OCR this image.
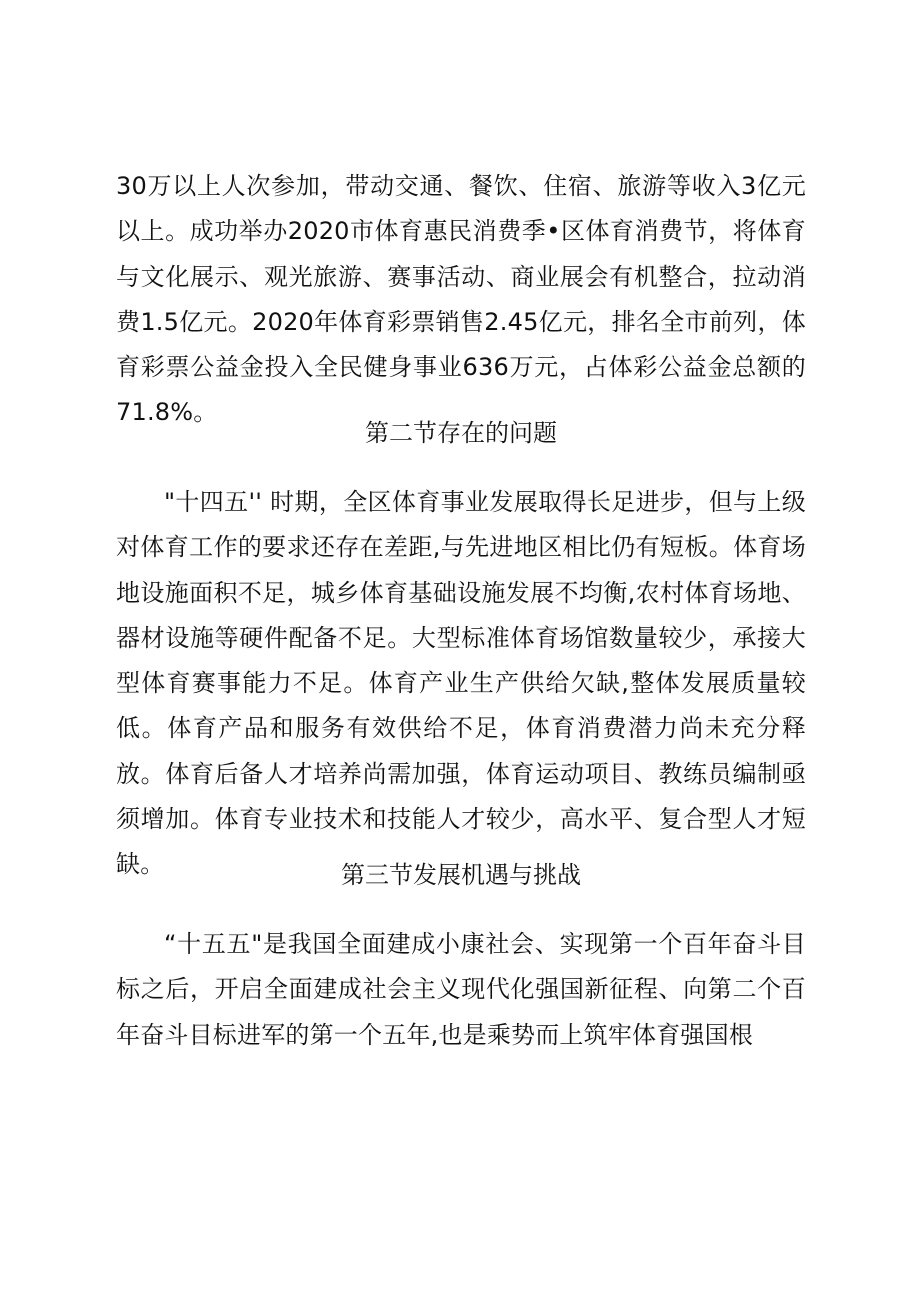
30万以上人次参加，带动交通、餐饮、住宿、旅游等收入3亿元以上。成功举办2020市体育惠民消费季•区体育消费节，将体育与文化展示、观光旅游、赛事活动、商业展会有机整合，拉动消费1.5亿元。2020年体育彩票销售2.45亿元，排名全市前列，体育彩票公益金投入全民健身事业636万元，占体彩公益金总额的71.8%。

第二节存在的问题

"十四五'' 时期，全区体育事业发展取得长足进步，但与上级对体育工作的要求还存在差距,与先进地区相比仍有短板。体育场地设施面积不足，城乡体育基础设施发展不均衡,农村体育场地、器材设施等硬件配备不足。大型标准体育场馆数量较少，承接大型体育赛事能力不足。体育产业生产供给欠缺,整体发展质量较低。体育产品和服务有效供给不足，体育消费潜力尚未充分释放。体育后备人才培养尚需加强，体育运动项目、教练员编制亟须增加。体育专业技术和技能人才较少，高水平、复合型人才短缺。	第三节发展机遇与挑战

“十五五"是我国全面建成小康社会、实现第一个百年奋斗目标之后，开启全面建成社会主义现代化强国新征程、向第二个百年奋斗目标进军的第一个五年,也是乘势而上筑牢体育强国根
